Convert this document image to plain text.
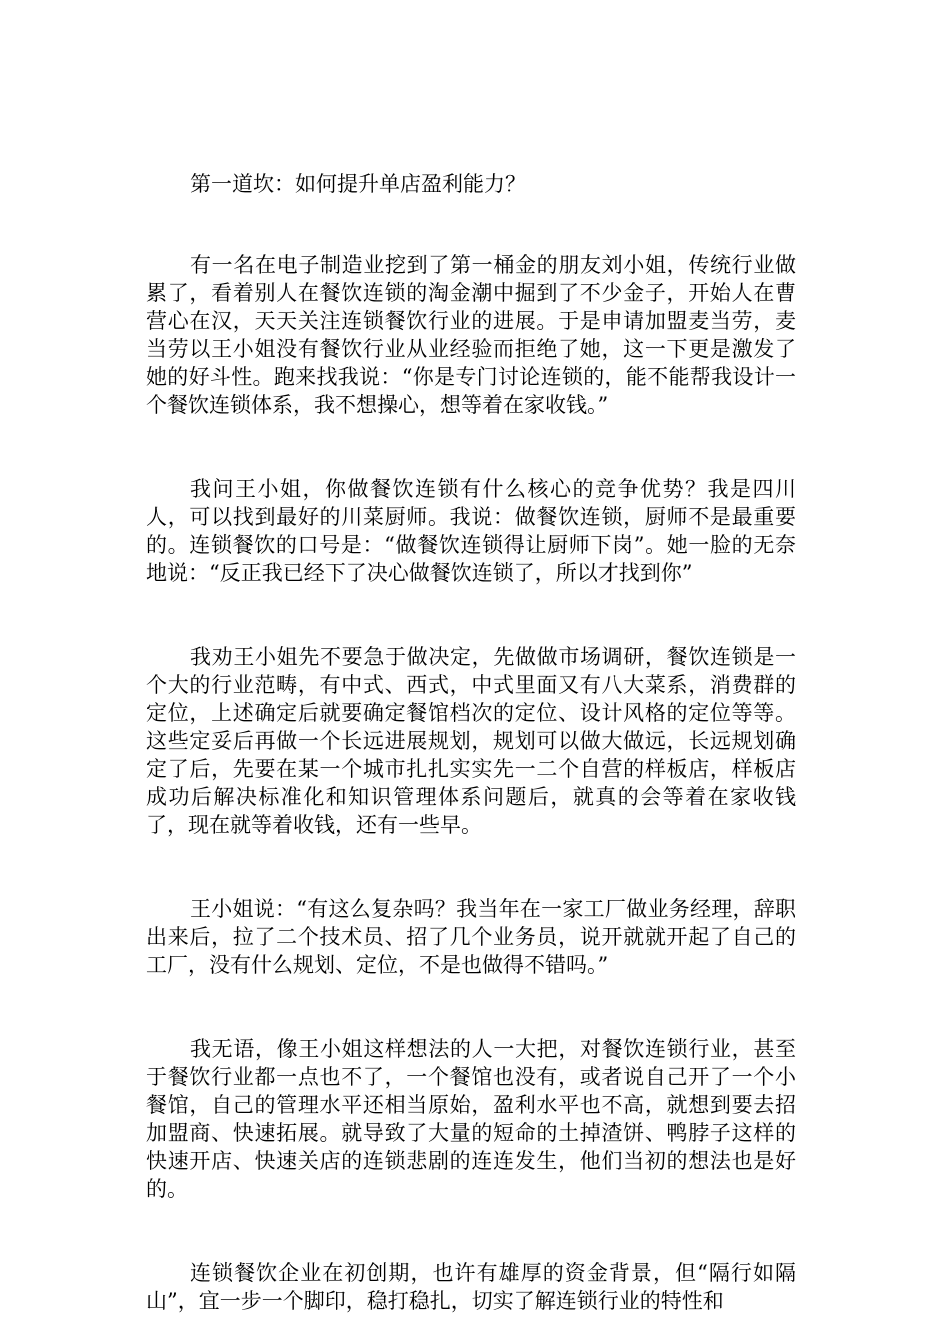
第一道坎：如何提升单店盈利能力？

有一名在电子制造业挖到了第一桶金的朋友刘小姐，传统行业做累了，看着别人在餐饮连锁的淘金潮中掘到了不少金子，开始人在曹营心在汉，天天关注连锁餐饮行业的进展。于是申请加盟麦当劳，麦当劳以王小姐没有餐饮行业从业经验而拒绝了她，这一下更是激发了她的好斗性。跑来找我说：“你是专门讨论连锁的，能不能帮我设计一个餐饮连锁体系，我不想操心，想等着在家收钱。”

我问王小姐，你做餐饮连锁有什么核心的竞争优势？我是四川人，可以找到最好的川菜厨师。我说：做餐饮连锁，厨师不是最重要的。连锁餐饮的口号是：“做餐饮连锁得让厨师下岗”。她一脸的无奈地说：“反正我已经下了决心做餐饮连锁了，所以才找到你”

我劝王小姐先不要急于做决定，先做做市场调研，餐饮连锁是一个大的行业范畴，有中式、西式，中式里面又有八大菜系，消费群的定位，上述确定后就要确定餐馆档次的定位、设计风格的定位等等。这些定妥后再做一个长远进展规划，规划可以做大做远，长远规划确定了后，先要在某一个城市扎扎实实先一二个自营的样板店，样板店成功后解决标准化和知识管理体系问题后，就真的会等着在家收钱了，现在就等着收钱，还有一些早。

王小姐说：“有这么复杂吗？我当年在一家工厂做业务经理，辞职出来后，拉了二个技术员、招了几个业务员，说开就就开起了自己的工厂，没有什么规划、定位，不是也做得不错吗。”

我无语，像王小姐这样想法的人一大把，对餐饮连锁行业，甚至于餐饮行业都一点也不了，一个餐馆也没有，或者说自己开了一个小餐馆，自己的管理水平还相当原始，盈利水平也不高，就想到要去招加盟商、快速拓展。就导致了大量的短命的土掉渣饼、鸭脖子这样的快速开店、快速关店的连锁悲剧的连连发生，他们当初的想法也是好的。

连锁餐饮企业在初创期，也许有雄厚的资金背景，但“隔行如隔山”，宜一步一个脚印，稳打稳扎，切实了解连锁行业的特性和
